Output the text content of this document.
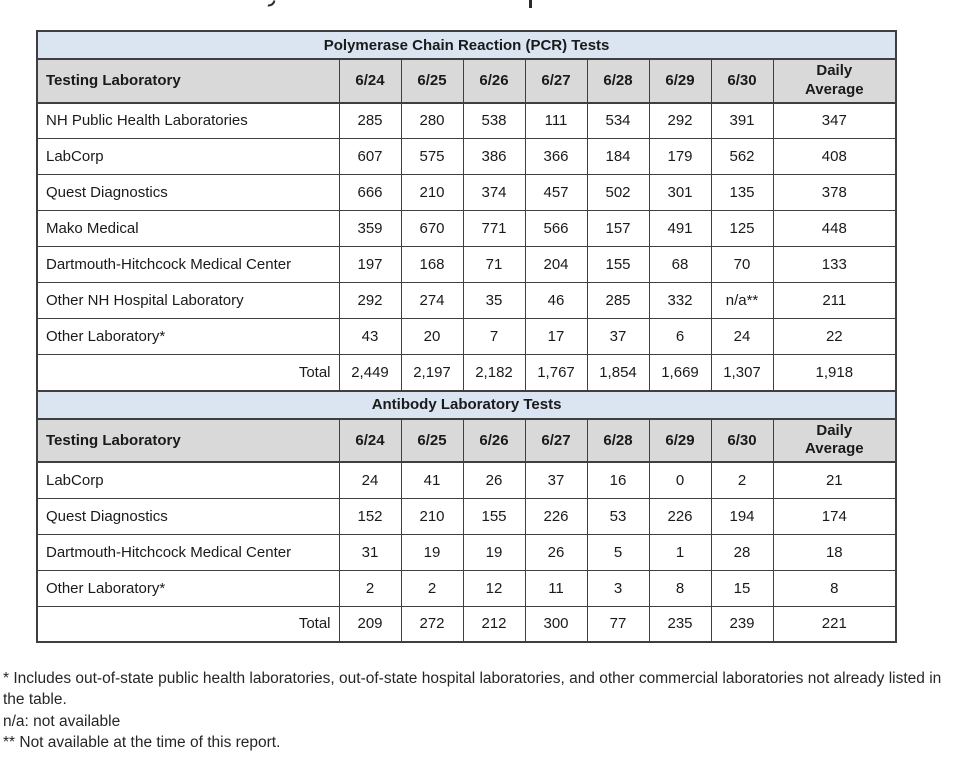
Polymerase Chain Reaction (PCR) Tests								
Testing Laboratory	6/24	6/25	6/26	6/27	6/28	6/29	6/30	Daily Average
NH Public Health Laboratories	285	280	538	111	534	292	391	347
LabCorp	607	575	386	366	184	179	562	408
Quest Diagnostics	666	210	374	457	502	301	135	378
Mako Medical	359	670	771	566	157	491	125	448
Dartmouth-Hitchcock Medical Center	197	168	71	204	155	68	70	133
Other NH Hospital Laboratory	292	274	35	46	285	332	n/a**	211
Other Laboratory*	43	20	7	17	37	6	24	22
Total	2,449	2,197	2,182	1,767	1,854	1,669	1,307	1,918
Antibody Laboratory Tests								
Testing Laboratory	6/24	6/25	6/26	6/27	6/28	6/29	6/30	Daily Average
LabCorp	24	41	26	37	16	0	2	21
Quest Diagnostics	152	210	155	226	53	226	194	174
Dartmouth-Hitchcock Medical Center	31	19	19	26	5	1	28	18
Other Laboratory*	2	2	12	11	3	8	15	8
Total	209	272	212	300	77	235	239	221

* Includes out-of-state public health laboratories, out-of-state hospital laboratories, and other commercial laboratories not already listed in the table.

n/a: not available

** Not available at the time of this report.
